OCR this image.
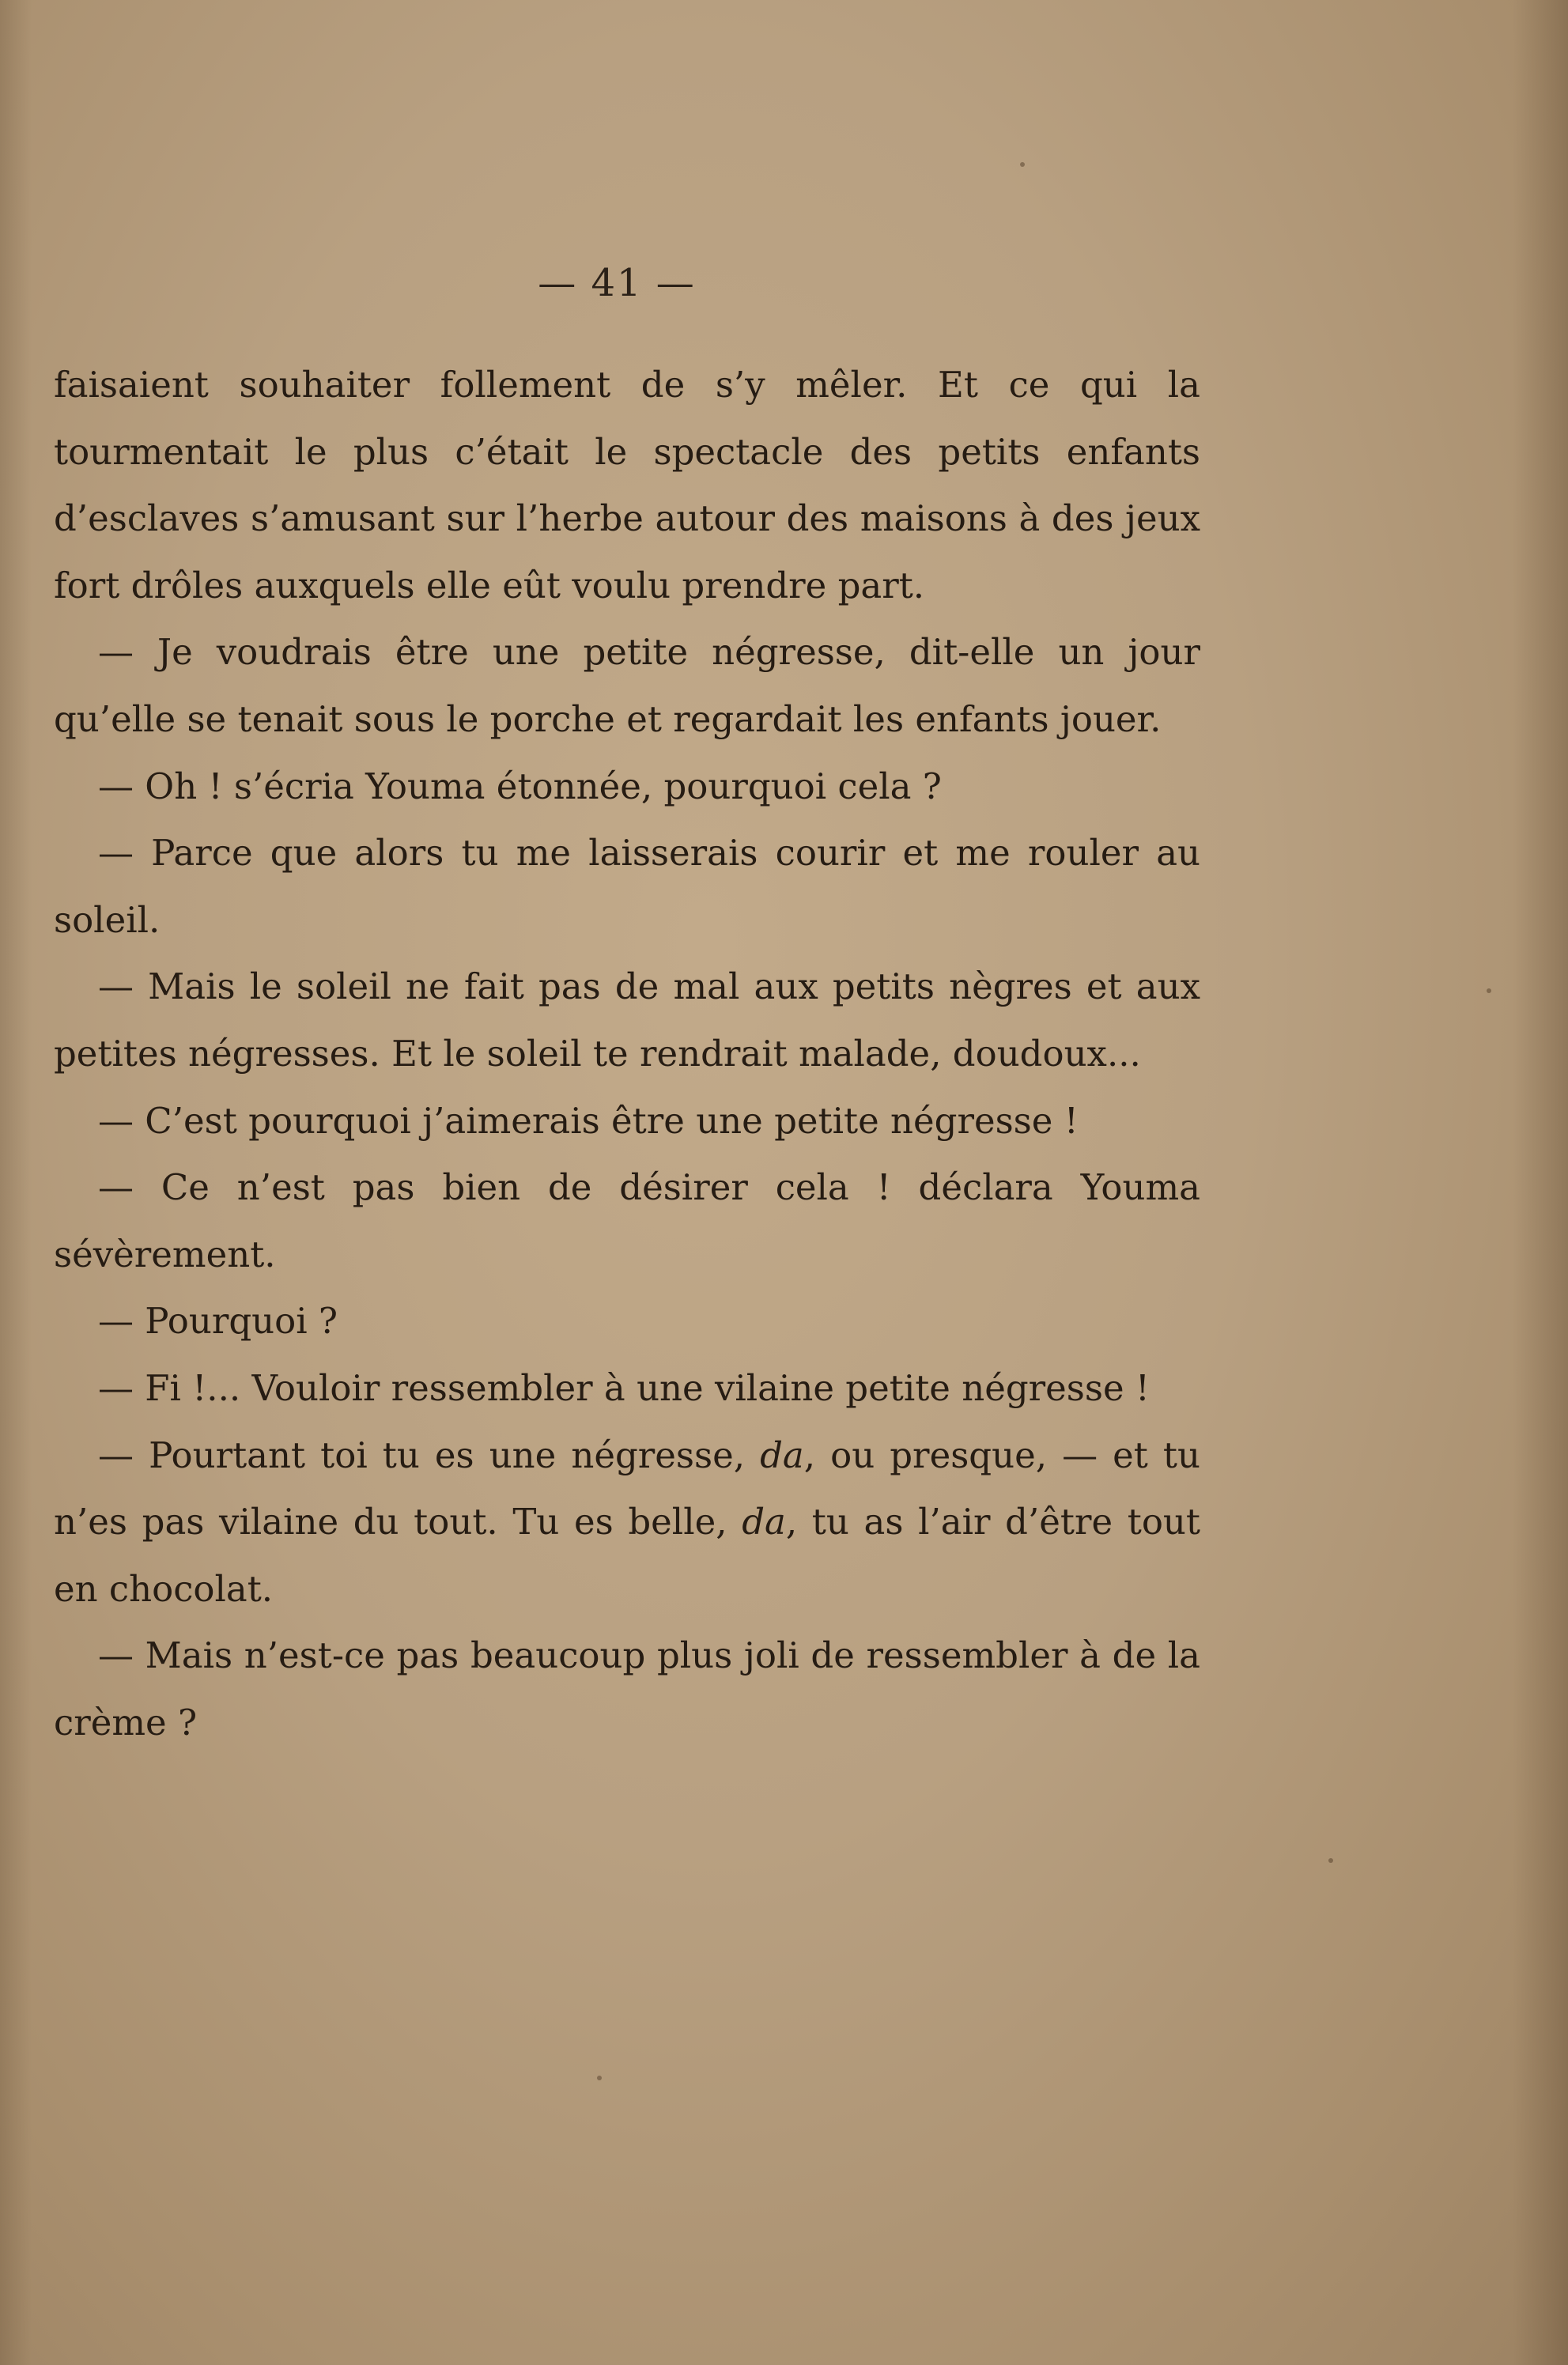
— 41 —

faisaient souhaiter follement de s’y mêler. Et ce qui la tourmentait le plus c’était le spectacle des petits enfants d’esclaves s’amusant sur l’herbe autour des maisons à des jeux fort drôles auxquels elle eût voulu prendre part.

— Je voudrais être une petite négresse, dit-elle un jour qu’elle se tenait sous le porche et regardait les enfants jouer.

— Oh ! s’écria Youma étonnée, pourquoi cela ?

— Parce que alors tu me laisserais courir et me rouler au soleil.

— Mais le soleil ne fait pas de mal aux petits nègres et aux petites négresses. Et le soleil te rendrait malade, doudoux...

— C’est pourquoi j’aimerais être une petite négresse !

— Ce n’est pas bien de désirer cela ! déclara Youma sévèrement.

— Pourquoi ?

— Fi !... Vouloir ressembler à une vilaine petite négresse !

— Pourtant toi tu es une négresse, da, ou presque, — et tu n’es pas vilaine du tout. Tu es belle, da, tu as l’air d’être tout en chocolat.

— Mais n’est-ce pas beaucoup plus joli de ressembler à de la crème ?
